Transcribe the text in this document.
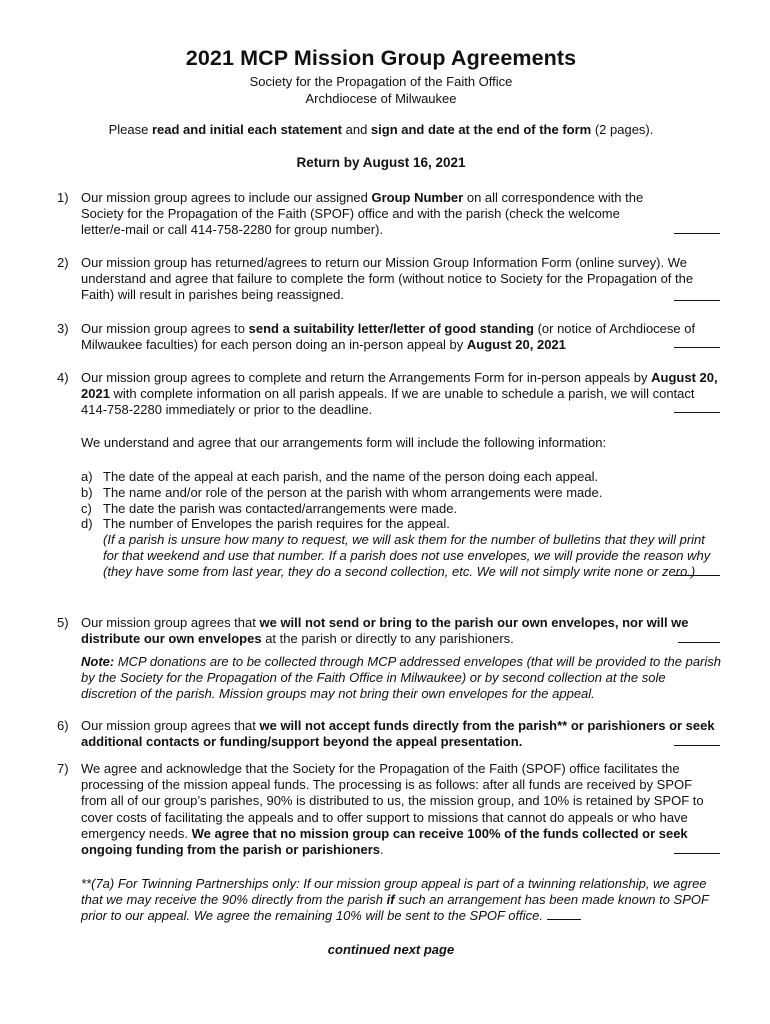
2021 MCP Mission Group Agreements
Society for the Propagation of the Faith Office
Archdiocese of Milwaukee
Please read and initial each statement and sign and date at the end of the form (2 pages).
Return by August 16, 2021
1) Our mission group agrees to include our assigned Group Number on all correspondence with the Society for the Propagation of the Faith (SPOF) office and with the parish (check the welcome letter/e-mail or call 414-758-2280 for group number).
2) Our mission group has returned/agrees to return our Mission Group Information Form (online survey). We understand and agree that failure to complete the form (without notice to Society for the Propagation of the Faith) will result in parishes being reassigned.
3) Our mission group agrees to send a suitability letter/letter of good standing (or notice of Archdiocese of Milwaukee faculties) for each person doing an in-person appeal by August 20, 2021
4) Our mission group agrees to complete and return the Arrangements Form for in-person appeals by August 20, 2021 with complete information on all parish appeals. If we are unable to schedule a parish, we will contact 414-758-2280 immediately or prior to the deadline.
We understand and agree that our arrangements form will include the following information:
a) The date of the appeal at each parish, and the name of the person doing each appeal.
b) The name and/or role of the person at the parish with whom arrangements were made.
c) The date the parish was contacted/arrangements were made.
d) The number of Envelopes the parish requires for the appeal.
(If a parish is unsure how many to request, we will ask them for the number of bulletins that they will print for that weekend and use that number. If a parish does not use envelopes, we will provide the reason why (they have some from last year, they do a second collection, etc. We will not simply write none or zero.)
5) Our mission group agrees that we will not send or bring to the parish our own envelopes, nor will we distribute our own envelopes at the parish or directly to any parishioners.
Note: MCP donations are to be collected through MCP addressed envelopes (that will be provided to the parish by the Society for the Propagation of the Faith Office in Milwaukee) or by second collection at the sole discretion of the parish. Mission groups may not bring their own envelopes for the appeal.
6) Our mission group agrees that we will not accept funds directly from the parish** or parishioners or seek additional contacts or funding/support beyond the appeal presentation.
7) We agree and acknowledge that the Society for the Propagation of the Faith (SPOF) office facilitates the processing of the mission appeal funds. The processing is as follows: after all funds are received by SPOF from all of our group’s parishes, 90% is distributed to us, the mission group, and 10% is retained by SPOF to cover costs of facilitating the appeals and to offer support to missions that cannot do appeals or who have emergency needs. We agree that no mission group can receive 100% of the funds collected or seek ongoing funding from the parish or parishioners.
**(7a) For Twinning Partnerships only: If our mission group appeal is part of a twinning relationship, we agree that we may receive the 90% directly from the parish if such an arrangement has been made known to SPOF prior to our appeal. We agree the remaining 10% will be sent to the SPOF office.
continued next page
